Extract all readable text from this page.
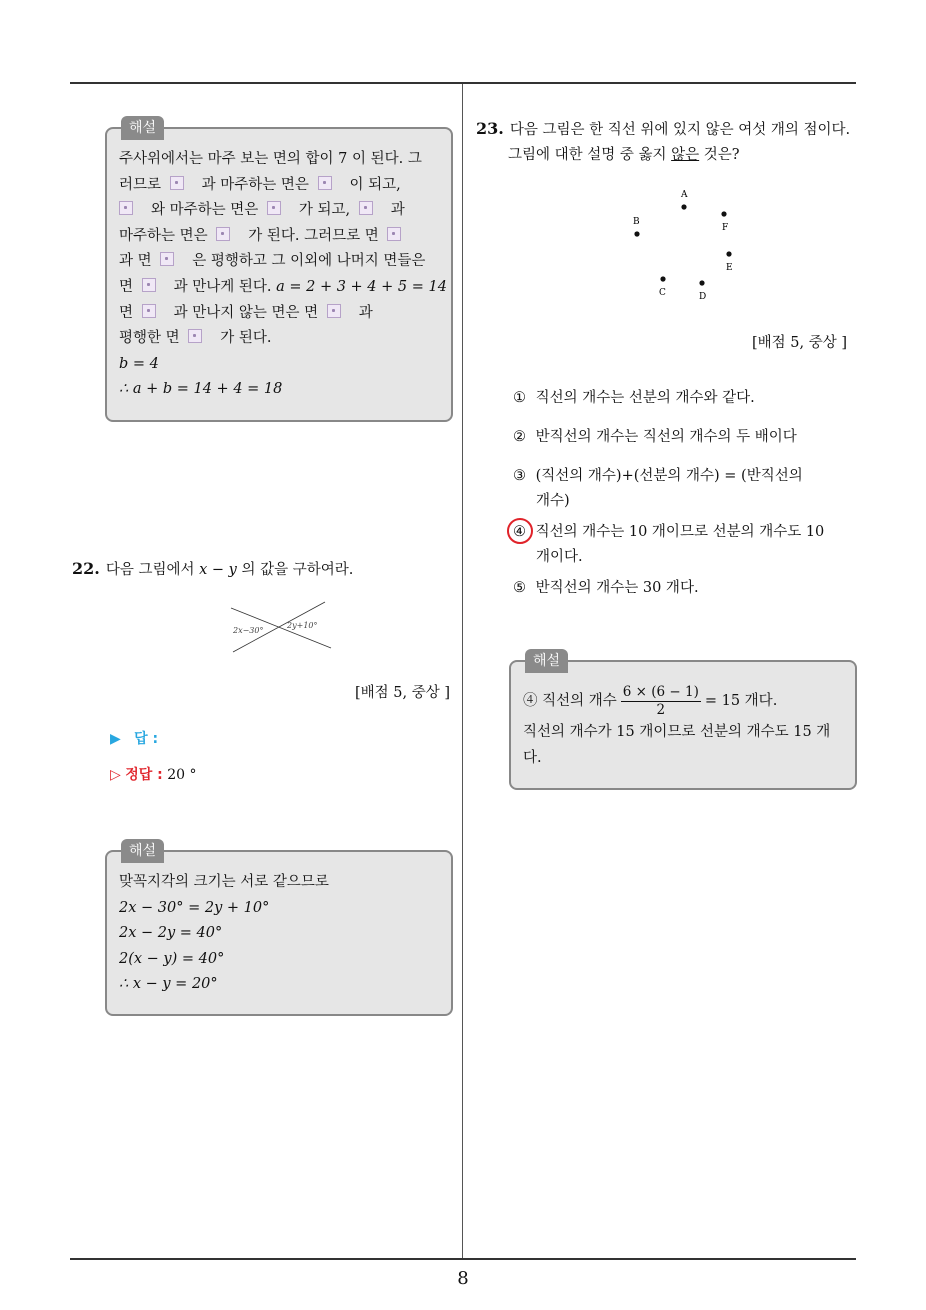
해설
주사위에서는 마주 보는 면의 합이 7 이 된다. 그
러므로	과 마주하는 면은	이 되고,
와 마주하는 면은	가 되고,	과
마주하는 면은	가 된다. 그러므로 면
과 면	은 평행하고 그 이외에 나머지 면들은
면	과 만나게 된다. a = 2 + 3 + 4 + 5 = 14
면	과 만나지 않는 면은 면	과
평행한 면	가 된다.
b = 4
∴ a + b = 14 + 4 = 18
22. 다음 그림에서 x − y 의 값을 구하여라.
2x−30°
2y+10°
[배점 5, 중상 ]
▶ 답 :
▷ 정답 : 20 °
해설
맞꼭지각의 크기는 서로 같으므로
2x − 30° = 2y + 10°
2x − 2y = 40°
2(x − y) = 40°
∴ x − y = 20°
23. 다음 그림은 한 직선 위에 있지 않은 여섯 개의 점이다.
그림에 대한 설명 중 옳지 않은 것은?
A
B
C	D
E
F
[배점 5, 중상 ]
① 직선의 개수는 선분의 개수와 같다.
② 반직선의 개수는 직선의 개수의 두 배이다
③ (직선의 개수)+(선분의 개수) = (반직선의
개수)
④ 직선의 개수는 10 개이므로 선분의 개수도 10
개이다.
⑤ 반직선의 개수는 30 개다.
해설
④ 직선의 개수 $\frac{6 \times (6 - 1)}{2} = 15$ 개다.
직선의 개수가 15 개이므로 선분의 개수도 15 개
다.
8
